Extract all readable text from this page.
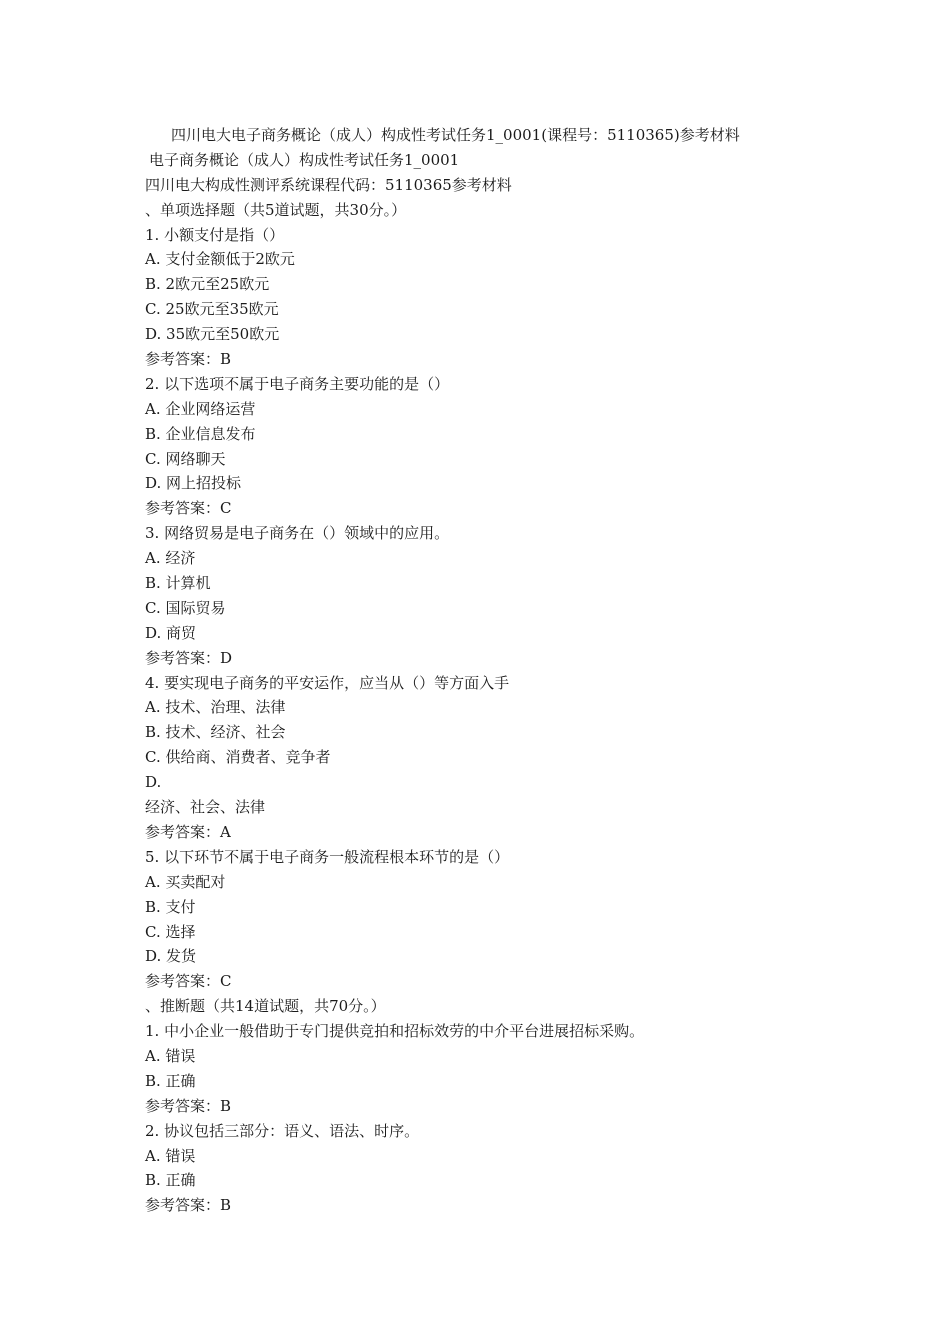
四川电大电子商务概论（成人）构成性考试任务1_0001(课程号：5110365)参考材料
电子商务概论（成人）构成性考试任务1_0001
四川电大构成性测评系统课程代码：5110365参考材料
、单项选择题（共5道试题，共30分。）
1. 小额支付是指（）
A. 支付金额低于2欧元
B. 2欧元至25欧元
C. 25欧元至35欧元
D. 35欧元至50欧元
参考答案：B
2. 以下选项不属于电子商务主要功能的是（）
A. 企业网络运营
B. 企业信息发布
C. 网络聊天
D. 网上招投标
参考答案：C
3. 网络贸易是电子商务在（）领域中的应用。
A. 经济
B. 计算机
C. 国际贸易
D. 商贸
参考答案：D
4. 要实现电子商务的平安运作，应当从（）等方面入手
A. 技术、治理、法律
B. 技术、经济、社会
C. 供给商、消费者、竞争者
D.
经济、社会、法律
参考答案：A
5. 以下环节不属于电子商务一般流程根本环节的是（）
A. 买卖配对
B. 支付
C. 选择
D. 发货
参考答案：C
、推断题（共14道试题，共70分。）
1. 中小企业一般借助于专门提供竞拍和招标效劳的中介平台进展招标采购。
A. 错误
B. 正确
参考答案：B
2. 协议包括三部分：语义、语法、时序。
A. 错误
B. 正确
参考答案：B
